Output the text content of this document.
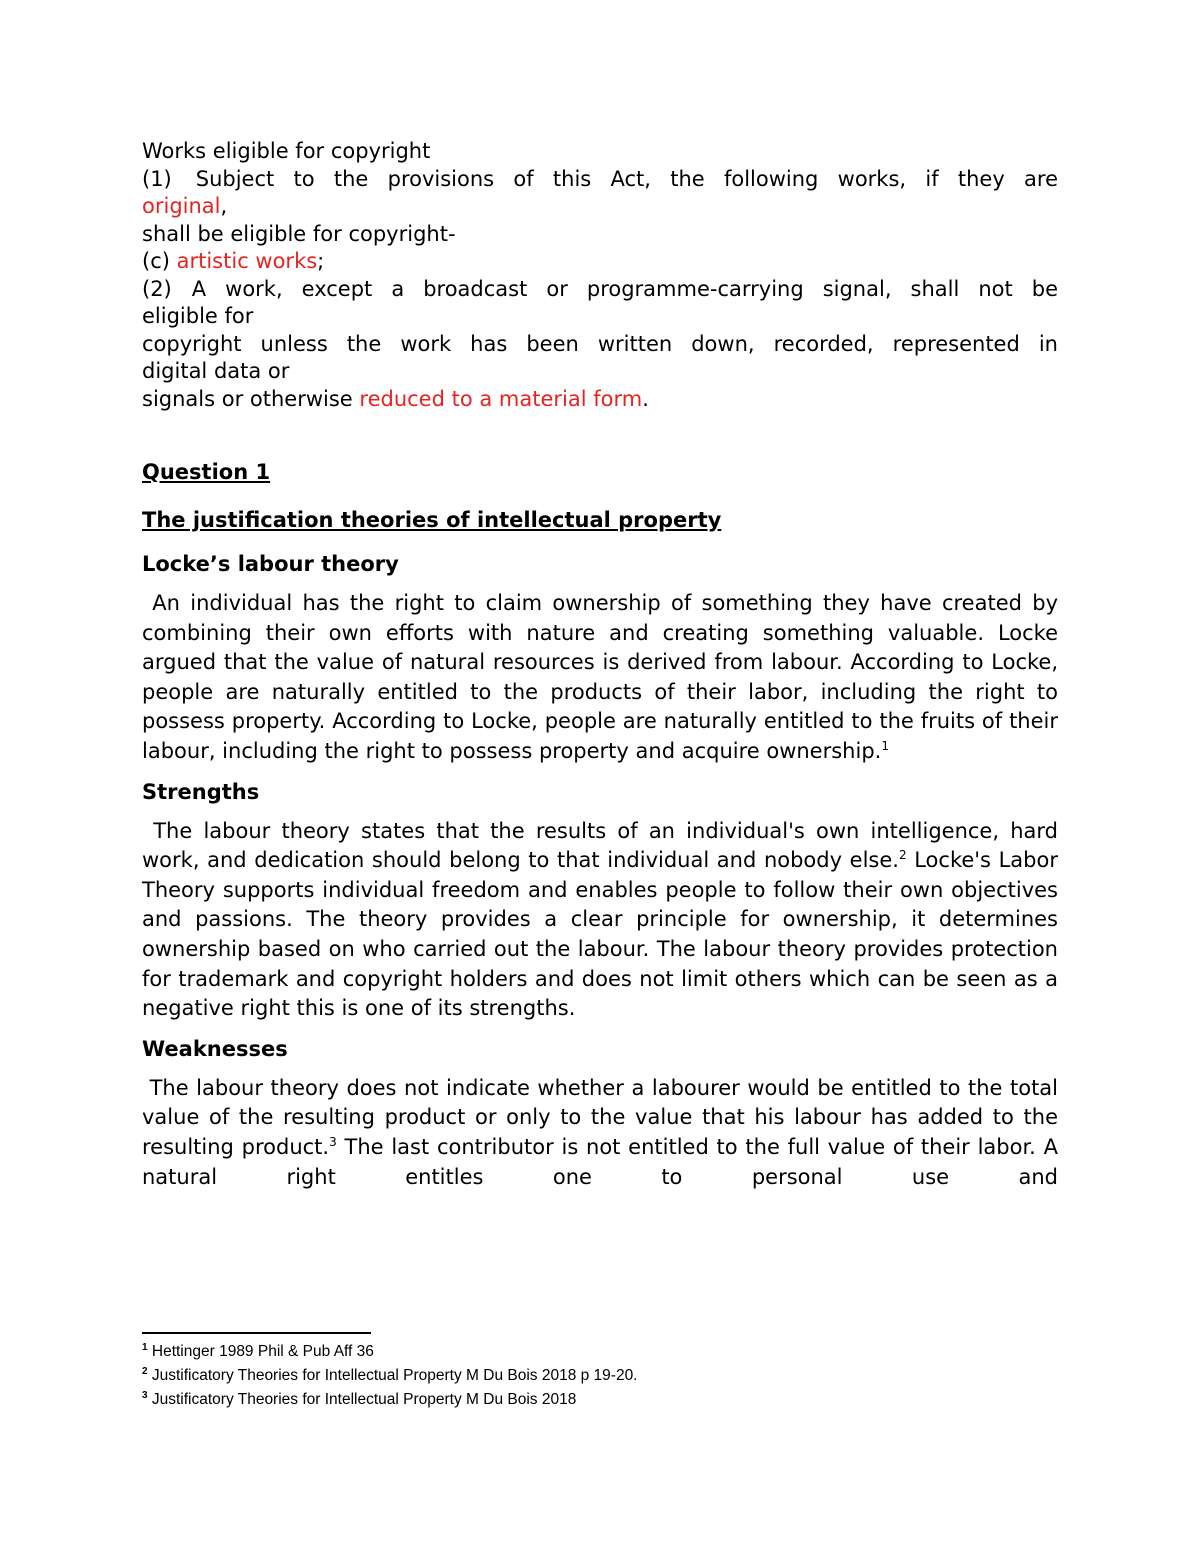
Works eligible for copyright

(1) Subject to the provisions of this Act, the following works, if they are

original,

shall be eligible for copyright-

(c) artistic works;

(2) A work, except a broadcast or programme-carrying signal, shall not be

eligible for

copyright unless the work has been written down, recorded, represented in

digital data or

signals or otherwise reduced to a material form.

Question 1
The justification theories of intellectual property
Locke’s labour theory

An individual has the right to claim ownership of something they have created by combining their own efforts with nature and creating something valuable. Locke argued that the value of natural resources is derived from labour. According to Locke, people are naturally entitled to the products of their labor, including the right to possess property. According to Locke, people are naturally entitled to the fruits of their labour, including the right to possess property and acquire ownership.$^1$

Strengths

The labour theory states that the results of an individual's own intelligence, hard work, and dedication should belong to that individual and nobody else.$^2$ Locke's Labor Theory supports individual freedom and enables people to follow their own objectives and passions. The theory provides a clear principle for ownership, it determines ownership based on who carried out the labour. The labour theory provides protection for trademark and copyright holders and does not limit others which can be seen as a negative right this is one of its strengths.

Weaknesses

The labour theory does not indicate whether a labourer would be entitled to the total value of the resulting product or only to the value that his labour has added to the resulting product.$^3$ The last contributor is not entitled to the full value of their labor. A natural right entitles one to personal use and

$^1$ Hettinger 1989 Phil & Pub Aff 36

$^2$ Justificatory Theories for Intellectual Property M Du Bois 2018 p 19-20.

$^3$ Justificatory Theories for Intellectual Property M Du Bois 2018
